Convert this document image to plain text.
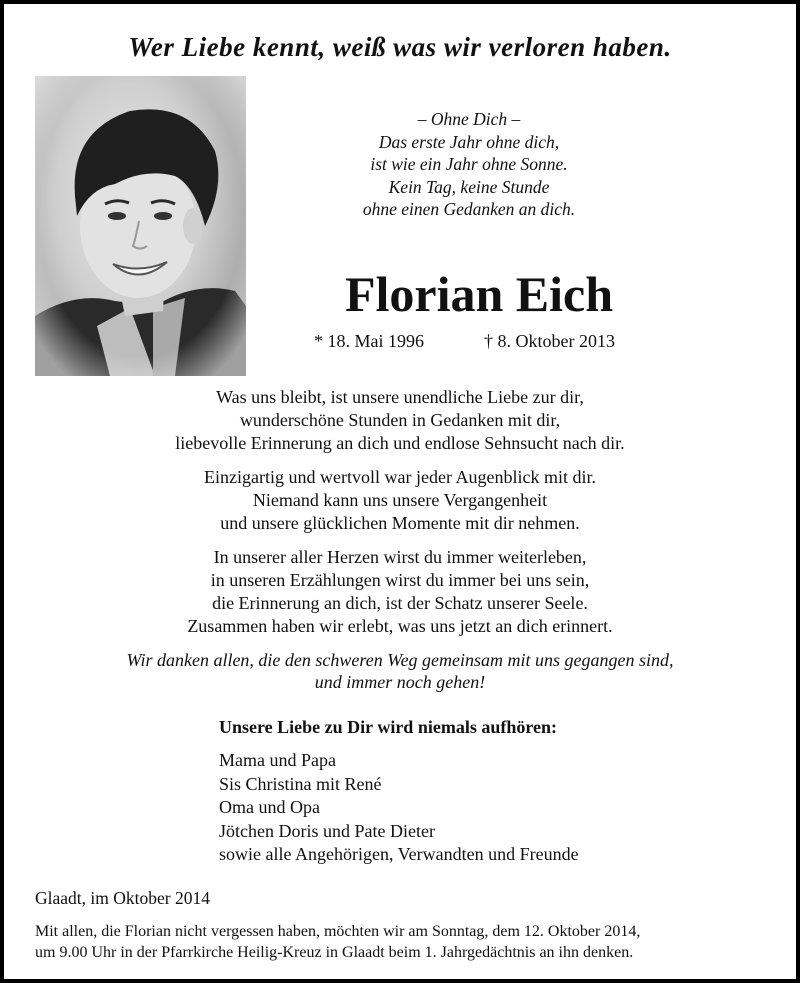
Wer Liebe kennt, weiß was wir verloren haben.
– Ohne Dich –
Das erste Jahr ohne dich,
ist wie ein Jahr ohne Sonne.
Kein Tag, keine Stunde
ohne einen Gedanken an dich.
Florian Eich
* 18. Mai 1996	† 8. Oktober 2013
Was uns bleibt, ist unsere unendliche Liebe zur dir,
wunderschöne Stunden in Gedanken mit dir,
liebevolle Erinnerung an dich und endlose Sehnsucht nach dir.
Einzigartig und wertvoll war jeder Augenblick mit dir.
Niemand kann uns unsere Vergangenheit
und unsere glücklichen Momente mit dir nehmen.
In unserer aller Herzen wirst du immer weiterleben,
in unseren Erzählungen wirst du immer bei uns sein,
die Erinnerung an dich, ist der Schatz unserer Seele.
Zusammen haben wir erlebt, was uns jetzt an dich erinnert.
Wir danken allen, die den schweren Weg gemeinsam mit uns gegangen sind,
und immer noch gehen!
Unsere Liebe zu Dir wird niemals aufhören:
Mama und Papa
Sis Christina mit René
Oma und Opa
Jötchen Doris und Pate Dieter
sowie alle Angehörigen, Verwandten und Freunde
Glaadt, im Oktober 2014
Mit allen, die Florian nicht vergessen haben, möchten wir am Sonntag, dem 12. Oktober 2014,
um 9.00 Uhr in der Pfarrkirche Heilig-Kreuz in Glaadt beim 1. Jahrgedächtnis an ihn denken.
